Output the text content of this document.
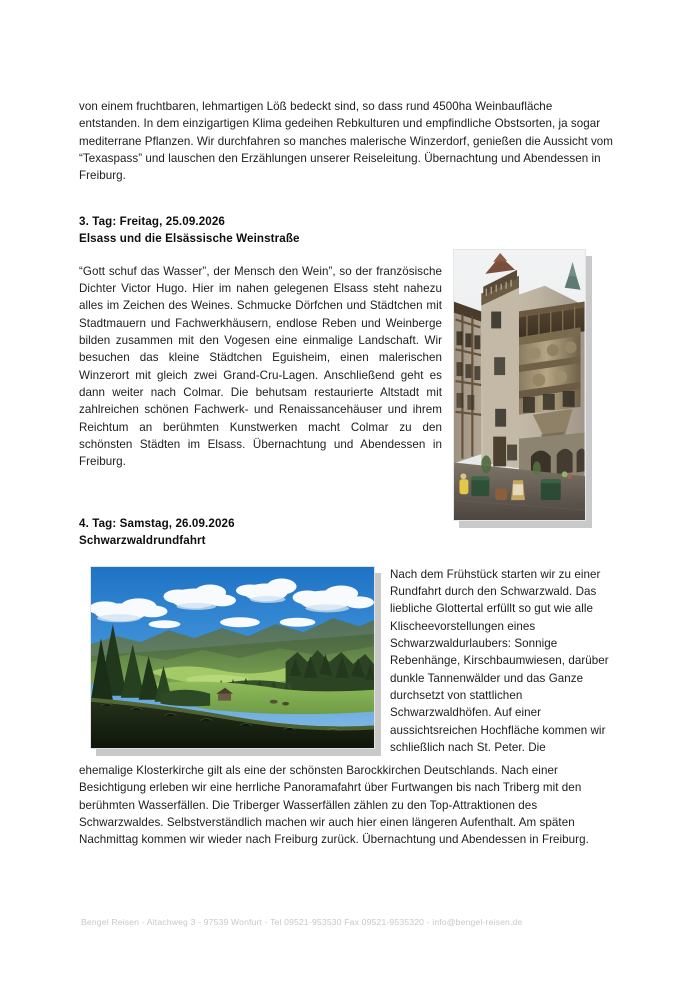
von einem fruchtbaren, lehmartigen Löß bedeckt sind, so dass rund 4500ha Weinbaufläche entstanden. In dem einzigartigen Klima gedeihen Rebkulturen und empfindliche Obstsorten, ja sogar mediterrane Pflanzen. Wir durchfahren so manches malerische Winzerdorf, genießen die Aussicht vom “Texaspass” und lauschen den Erzählungen unserer Reiseleitung. Übernachtung und Abendessen in Freiburg.

3. Tag: Freitag, 25.09.2026
Elsass und die Elsässische Weinstraße

“Gott schuf das Wasser”, der Mensch den Wein”, so der französische Dichter Victor Hugo. Hier im nahen gelegenen Elsass steht nahezu alles im Zeichen des Weines. Schmucke Dörfchen und Städtchen mit Stadtmauern und Fachwerkhäusern, endlose Reben und Weinberge bilden zusammen mit den Vogesen eine einmalige Landschaft. Wir besuchen das kleine Städtchen Eguisheim, einen malerischen Winzerort mit gleich zwei Grand-Cru-Lagen. Anschließend geht es dann weiter nach Colmar. Die behutsam restaurierte Altstadt mit zahlreichen schönen Fachwerk- und Renaissancehäuser und ihrem Reichtum an berühmten Kunstwerken macht Colmar zu den schönsten Städten im Elsass. Übernachtung und Abendessen in Freiburg.

4. Tag: Samstag, 26.09.2026
Schwarzwaldrundfahrt

Nach dem Frühstück starten wir zu einer Rundfahrt durch den Schwarzwald. Das liebliche Glottertal erfüllt so gut wie alle Klischeevorstellungen eines Schwarzwaldurlaubers: Sonnige Rebenhänge, Kirschbaumwiesen, darüber dunkle Tannenwälder und das Ganze durchsetzt von stattlichen Schwarzwaldhöfen. Auf einer aussichtsreichen Hochfläche kommen wir schließlich nach St. Peter. Die

ehemalige Klosterkirche gilt als eine der schönsten Barockkirchen Deutschlands. Nach einer Besichtigung erleben wir eine herrliche Panoramafahrt über Furtwangen bis nach Triberg mit den berühmten Wasserfällen. Die Triberger Wasserfällen zählen zu den Top-Attraktionen des Schwarzwaldes. Selbstverständlich machen wir auch hier einen längeren Aufenthalt. Am späten Nachmittag kommen wir wieder nach Freiburg zurück. Übernachtung und Abendessen in Freiburg.

Bengel Reisen - Altachweg 3 - 97539 Wonfurt - Tel 09521-953530 Fax 09521-9535320 - info@bengel-reisen.de
